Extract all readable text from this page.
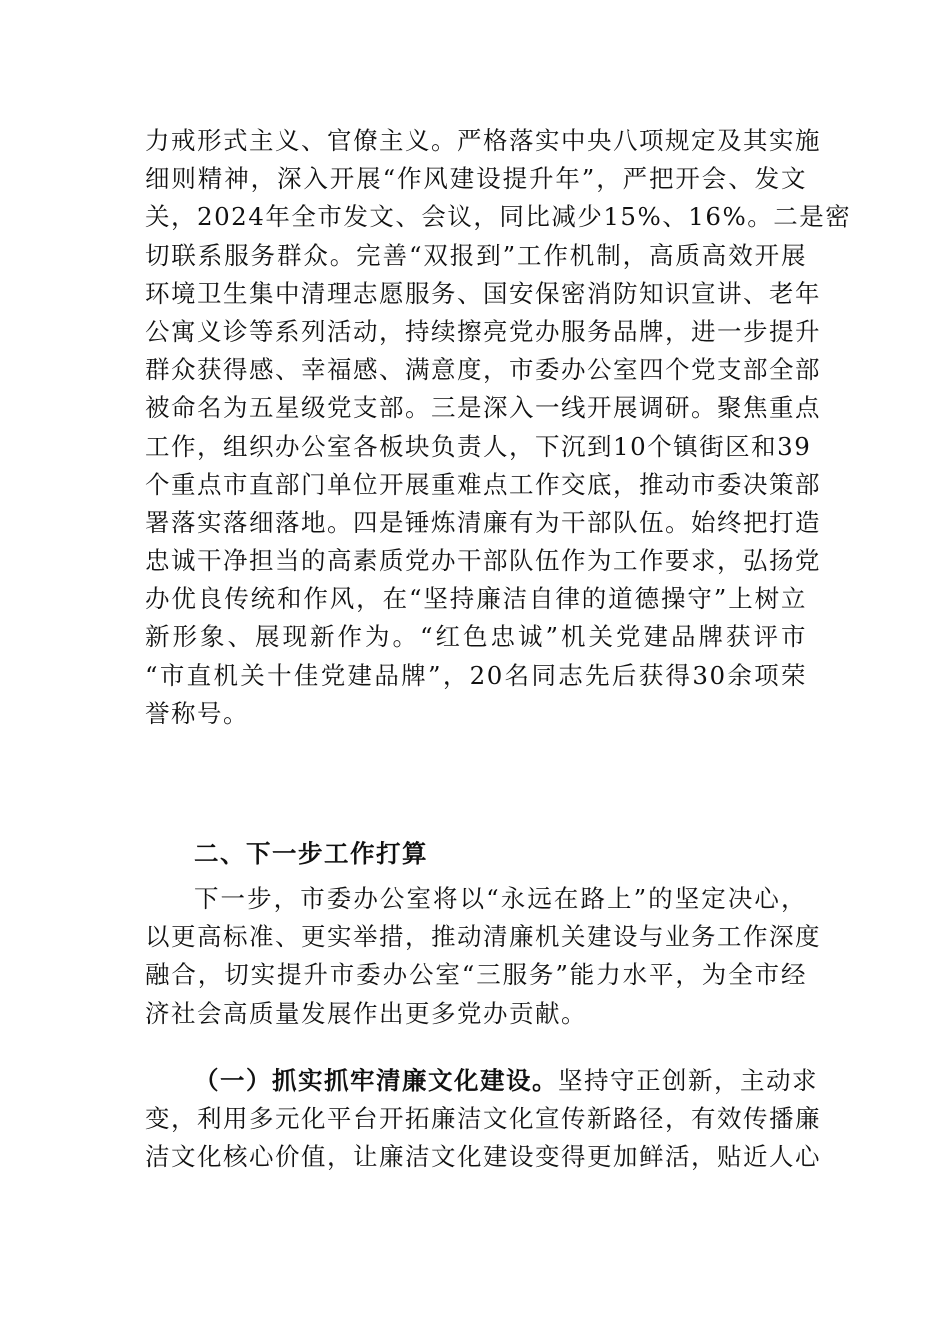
力戒形式主义、官僚主义。严格落实中央八项规定及其实施
细则精神，深入开展“作风建设提升年”，严把开会、发文
关，2024年全市发文、会议，同比减少15%、16%。二是密
切联系服务群众。完善“双报到”工作机制，高质高效开展
环境卫生集中清理志愿服务、国安保密消防知识宣讲、老年
公寓义诊等系列活动，持续擦亮党办服务品牌，进一步提升
群众获得感、幸福感、满意度，市委办公室四个党支部全部
被命名为五星级党支部。三是深入一线开展调研。聚焦重点
工作，组织办公室各板块负责人，下沉到10个镇街区和39
个重点市直部门单位开展重难点工作交底，推动市委决策部
署落实落细落地。四是锤炼清廉有为干部队伍。始终把打造
忠诚干净担当的高素质党办干部队伍作为工作要求，弘扬党
办优良传统和作风，在“坚持廉洁自律的道德操守”上树立
新形象、展现新作为。“红色忠诚”机关党建品牌获评市
“市直机关十佳党建品牌”，20名同志先后获得30余项荣
誉称号。
二、下一步工作打算
下一步，市委办公室将以“永远在路上”的坚定决心，
以更高标准、更实举措，推动清廉机关建设与业务工作深度
融合，切实提升市委办公室“三服务”能力水平，为全市经
济社会高质量发展作出更多党办贡献。
（一）抓实抓牢清廉文化建设。坚持守正创新，主动求
变，利用多元化平台开拓廉洁文化宣传新路径，有效传播廉
洁文化核心价值，让廉洁文化建设变得更加鲜活，贴近人心
